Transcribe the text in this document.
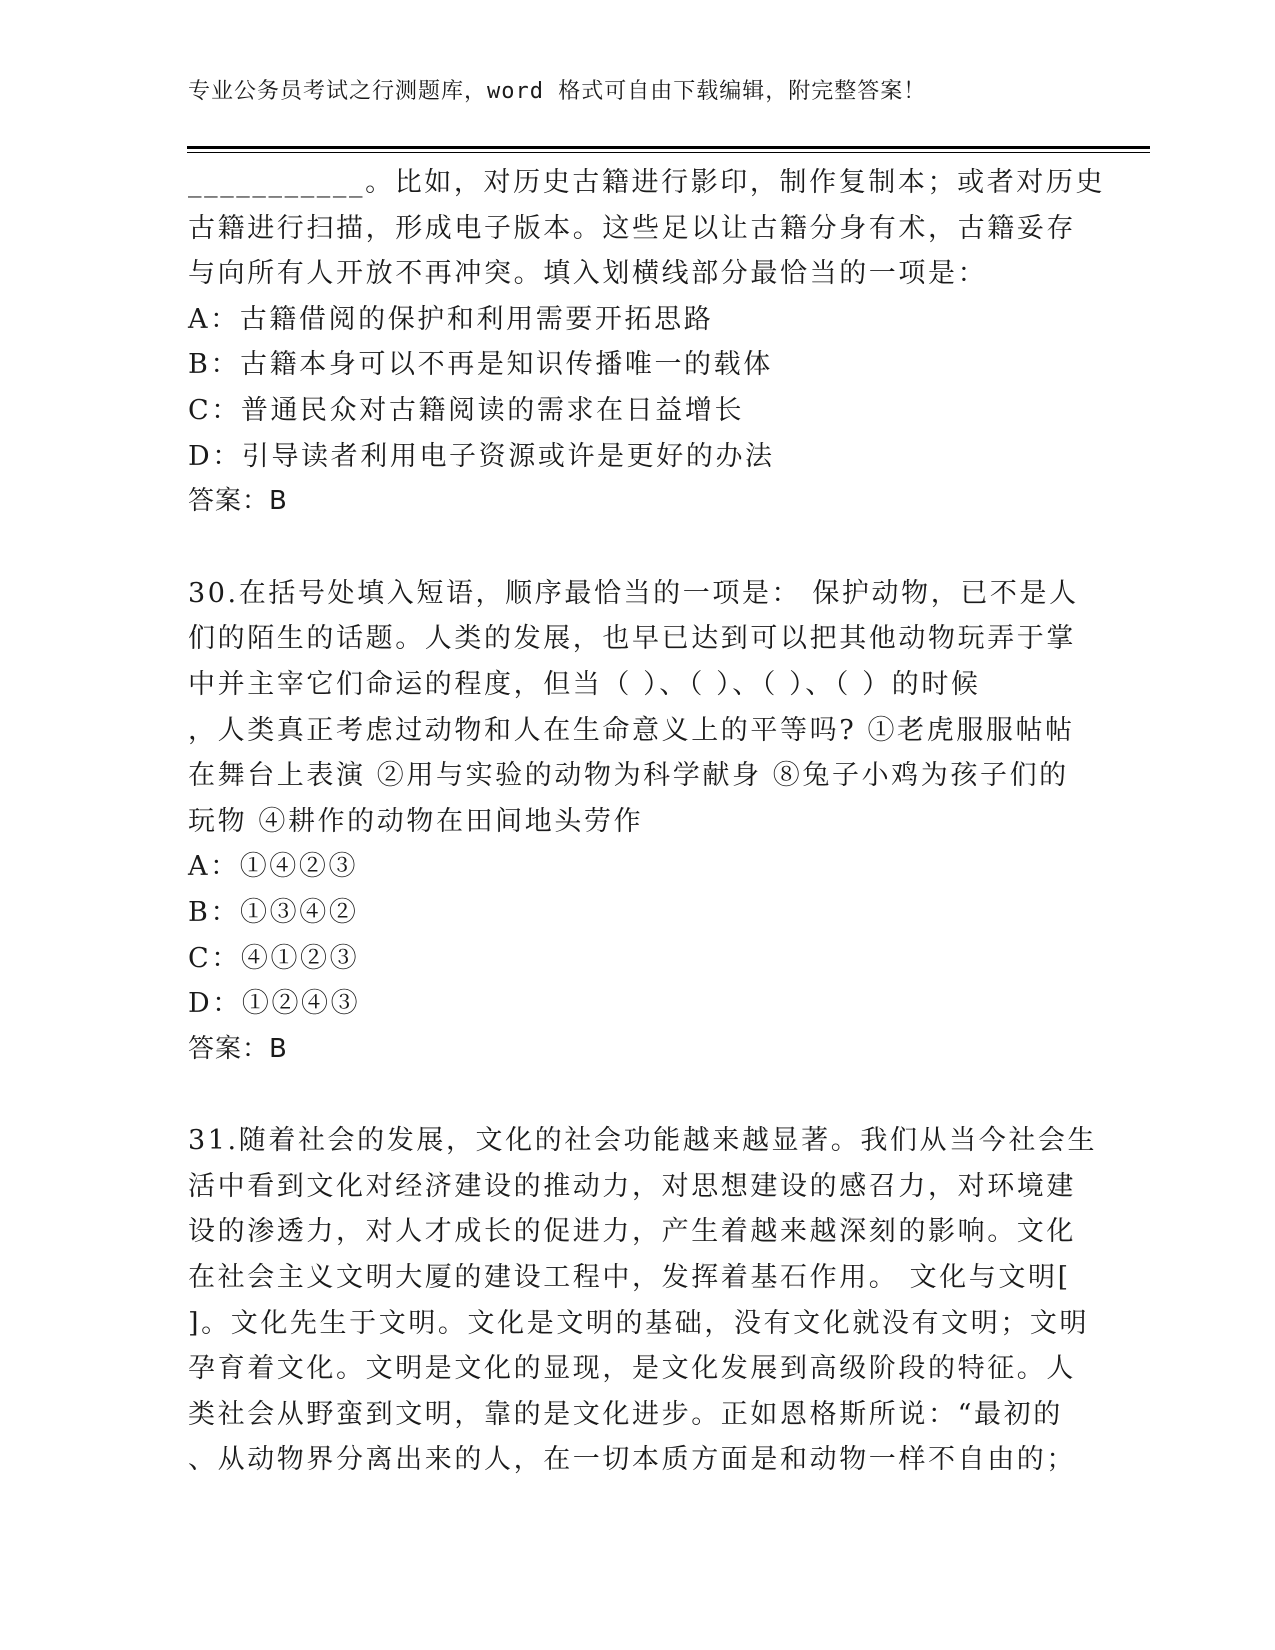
专业公务员考试之行测题库，word 格式可自由下载编辑，附完整答案！
___________。比如，对历史古籍进行影印，制作复制本；或者对历史
古籍进行扫描，形成电子版本。这些足以让古籍分身有术，古籍妥存
与向所有人开放不再冲突。填入划横线部分最恰当的一项是：
A：古籍借阅的保护和利用需要开拓思路
B：古籍本身可以不再是知识传播唯一的载体
C：普通民众对古籍阅读的需求在日益增长
D：引导读者利用电子资源或许是更好的办法
答案：B
30.在括号处填入短语，顺序最恰当的一项是： 保护动物，已不是人
们的陌生的话题。人类的发展，也早已达到可以把其他动物玩弄于掌
中并主宰它们命运的程度，但当（ ）、（ ）、（ ）、（ ）的时候
，人类真正考虑过动物和人在生命意义上的平等吗? ①老虎服服帖帖
在舞台上表演 ②用与实验的动物为科学献身 ⑧兔子小鸡为孩子们的
玩物 ④耕作的动物在田间地头劳作
A：①④②③
B：①③④②
C：④①②③
D：①②④③
答案：B
31.随着社会的发展，文化的社会功能越来越显著。我们从当今社会生
活中看到文化对经济建设的推动力，对思想建设的感召力，对环境建
设的渗透力，对人才成长的促进力，产生着越来越深刻的影响。文化
在社会主义文明大厦的建设工程中，发挥着基石作用。 文化与文明[
]。文化先生于文明。文化是文明的基础，没有文化就没有文明；文明
孕育着文化。文明是文化的显现，是文化发展到高级阶段的特征。人
类社会从野蛮到文明，靠的是文化进步。正如恩格斯所说：“最初的
、从动物界分离出来的人，在一切本质方面是和动物一样不自由的；
